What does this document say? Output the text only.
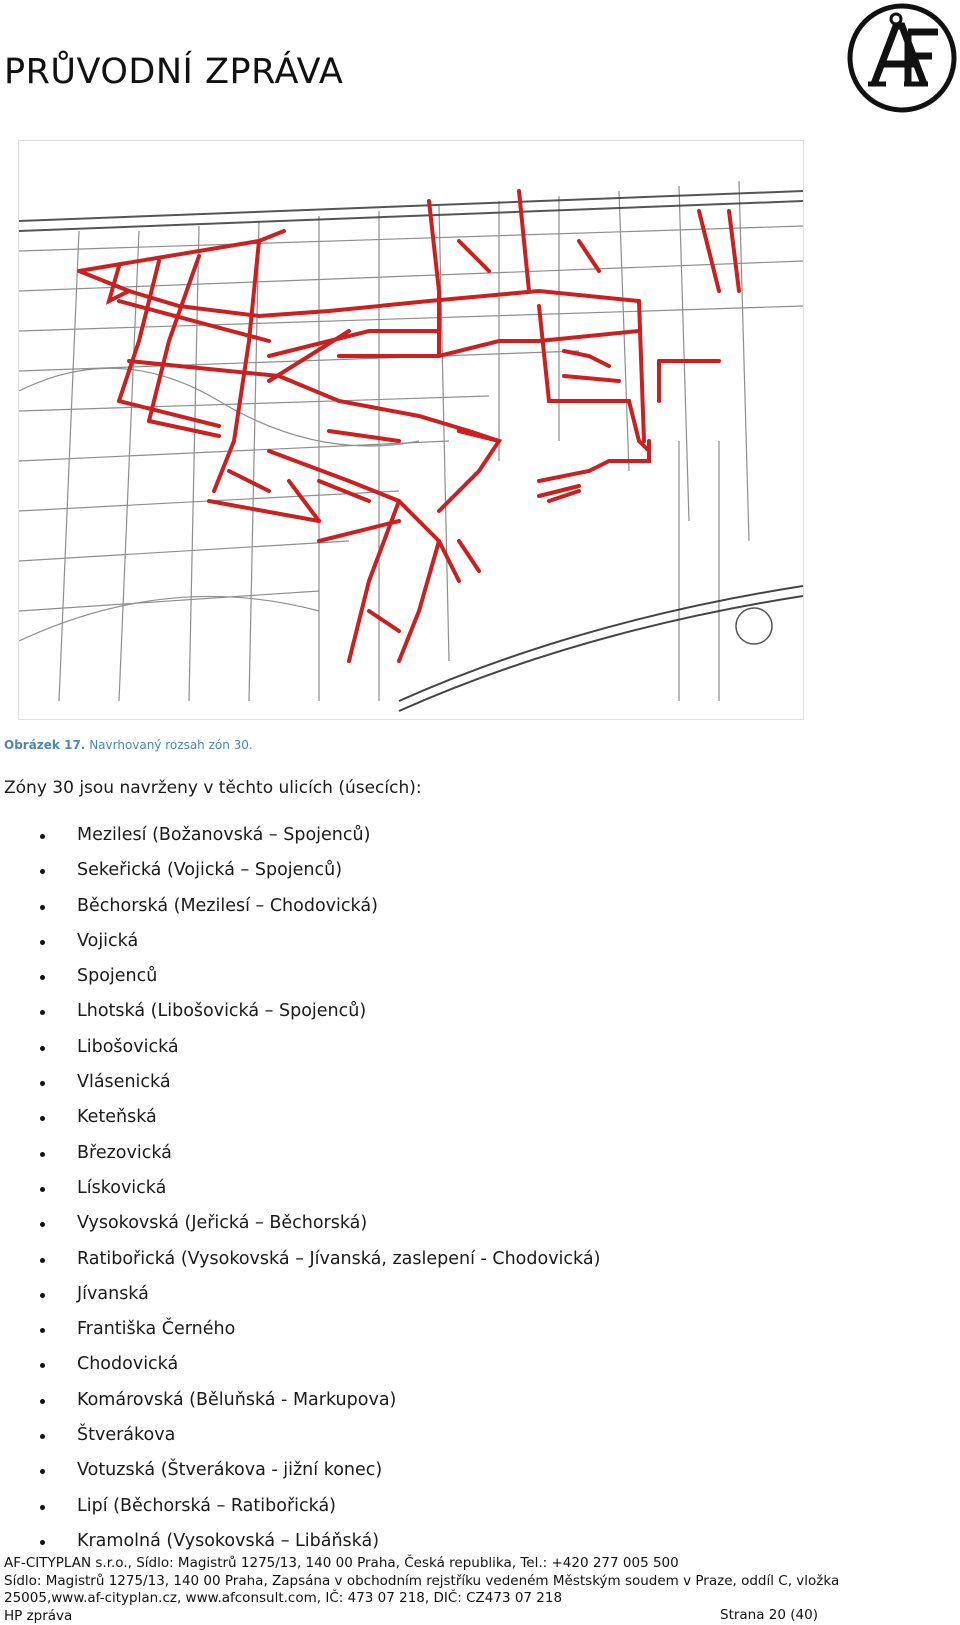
PRŮVODNÍ ZPRÁVA
Obrázek 17. Navrhovaný rozsah zón 30.
Zóny 30 jsou navrženy v těchto ulicích (úsecích):
Mezilesí (Božanovská – Spojenců)
Sekeřická (Vojická – Spojenců)
Běchorská (Mezilesí – Chodovická)
Vojická
Spojenců
Lhotská (Libošovická – Spojenců)
Libošovická
Vlásenická
Keteňská
Březovická
Lískovická
Vysokovská (Jeřická – Běchorská)
Ratibořická (Vysokovská – Jívanská, zaslepení - Chodovická)
Jívanská
Františka Černého
Chodovická
Komárovská (Běluňská - Markupova)
Štverákova
Votuzská (Štverákova - jižní konec)
Lipí (Běchorská – Ratibořická)
Kramolná (Vysokovská – Libáňská)
AF-CITYPLAN s.r.o., Sídlo: Magistrů 1275/13, 140 00 Praha, Česká republika, Tel.: +420 277 005 500
Sídlo: Magistrů 1275/13, 140 00 Praha, Zapsána v obchodním rejstříku vedeném Městským soudem v Praze, oddíl C, vložka
25005,www.af-cityplan.cz, www.afconsult.com, IČ: 473 07 218, DIČ: CZ473 07 218
HP zpráva	Strana 20 (40)
